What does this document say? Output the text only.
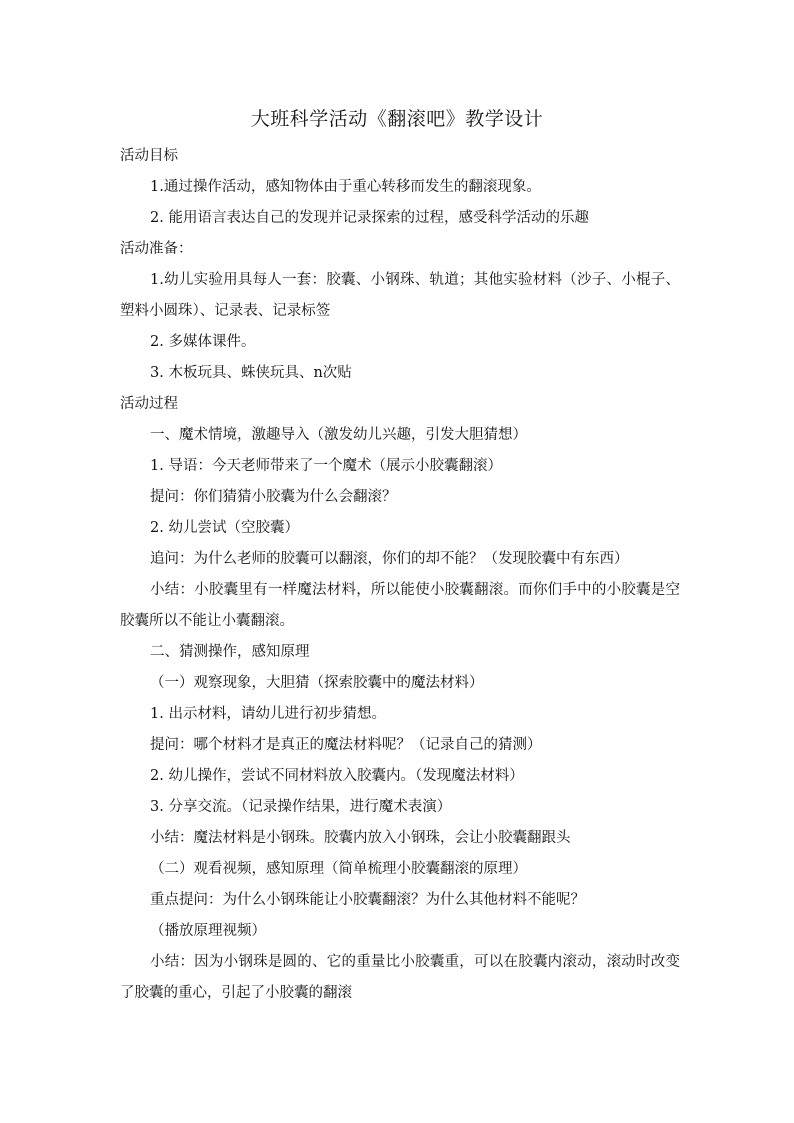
大班科学活动《翻滚吧》教学设计

活动目标

1.通过操作活动，感知物体由于重心转移而发生的翻滚现象。

2. 能用语言表达自己的发现并记录探索的过程，感受科学活动的乐趣

活动准备：

1.幼儿实验用具每人一套：胶囊、小钢珠、轨道；其他实验材料（沙子、小棍子、塑料小圆珠）、记录表、记录标签

2. 多媒体课件。

3. 木板玩具、蛛侠玩具、n次贴

活动过程

一、魔术情境，激趣导入（激发幼儿兴趣，引发大胆猜想）

1. 导语：今天老师带来了一个魔术（展示小胶囊翻滚）

提问：你们猜猜小胶囊为什么会翻滚？

2. 幼儿尝试（空胶囊）

追问：为什么老师的胶囊可以翻滚，你们的却不能？（发现胶囊中有东西）

小结：小胶囊里有一样魔法材料，所以能使小胶囊翻滚。而你们手中的小胶囊是空胶囊所以不能让小囊翻滚。

二、猜测操作，感知原理

（一）观察现象，大胆猜（探索胶囊中的魔法材料）

1. 出示材料，请幼儿进行初步猜想。

提问：哪个材料才是真正的魔法材料呢？（记录自己的猜测）

2. 幼儿操作，尝试不同材料放入胶囊内。（发现魔法材料）

3. 分享交流。（记录操作结果，进行魔术表演）

小结：魔法材料是小钢珠。胶囊内放入小钢珠，会让小胶囊翻跟头

（二）观看视频，感知原理（简单梳理小胶囊翻滚的原理）

重点提问：为什么小钢珠能让小胶囊翻滚？为什么其他材料不能呢？

（播放原理视频）

小结：因为小钢珠是圆的、它的重量比小胶囊重，可以在胶囊内滚动，滚动时改变了胶囊的重心，引起了小胶囊的翻滚
